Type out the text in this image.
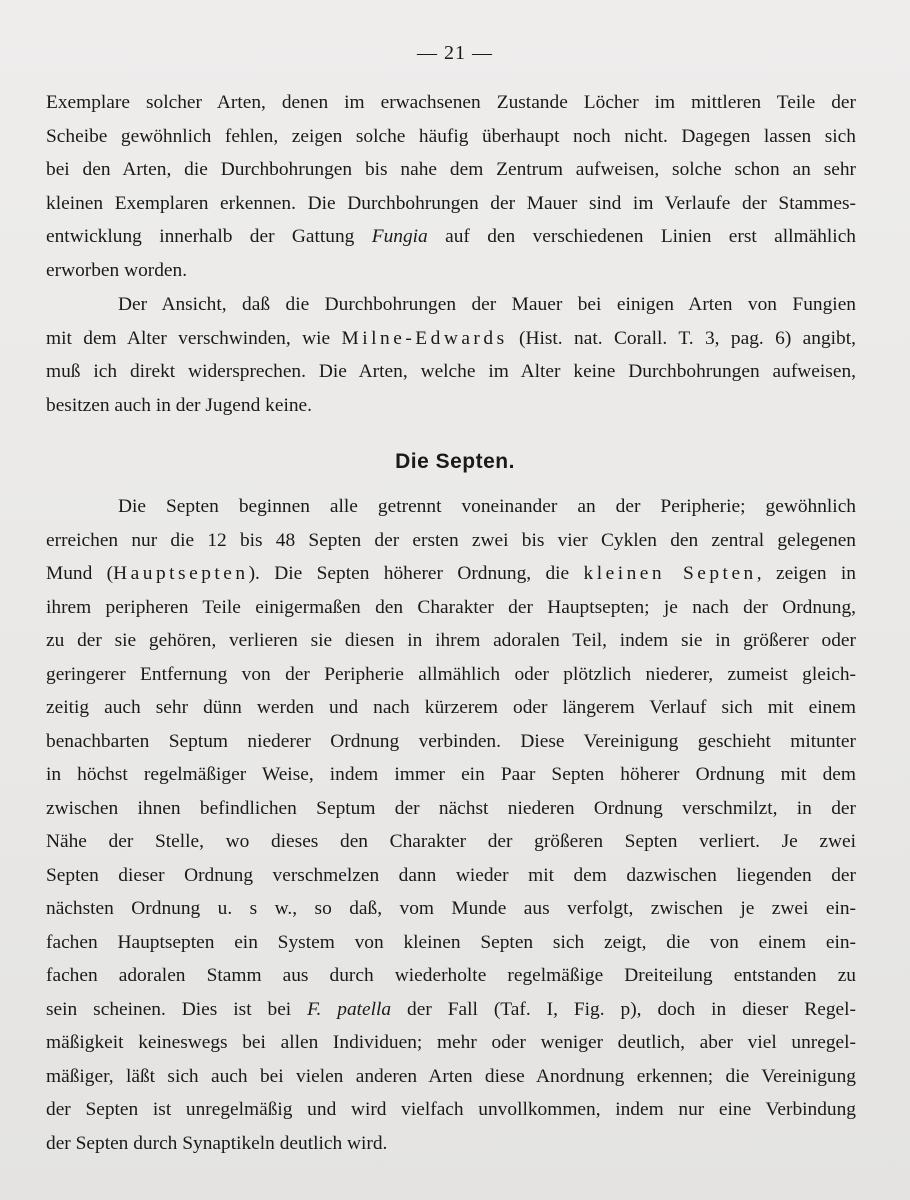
— 21 —
Exemplare solcher Arten, denen im erwachsenen Zustande Löcher im mittleren Teile der
Scheibe gewöhnlich fehlen, zeigen solche häufig überhaupt noch nicht. Dagegen lassen sich
bei den Arten, die Durchbohrungen bis nahe dem Zentrum aufweisen, solche schon an sehr
kleinen Exemplaren erkennen. Die Durchbohrungen der Mauer sind im Verlaufe der Stammes-
entwicklung innerhalb der Gattung Fungia auf den verschiedenen Linien erst allmählich
erworben worden.
Der Ansicht, daß die Durchbohrungen der Mauer bei einigen Arten von Fungien
mit dem Alter verschwinden, wie Milne-Edwards (Hist. nat. Corall. T. 3, pag. 6) angibt,
muß ich direkt widersprechen. Die Arten, welche im Alter keine Durchbohrungen aufweisen,
besitzen auch in der Jugend keine.
Die Septen.
Die Septen beginnen alle getrennt voneinander an der Peripherie; gewöhnlich
erreichen nur die 12 bis 48 Septen der ersten zwei bis vier Cyklen den zentral gelegenen
Mund (Hauptsepten). Die Septen höherer Ordnung, die kleinen Septen, zeigen in
ihrem peripheren Teile einigermaßen den Charakter der Hauptsepten; je nach der Ordnung,
zu der sie gehören, verlieren sie diesen in ihrem adoralen Teil, indem sie in größerer oder
geringerer Entfernung von der Peripherie allmählich oder plötzlich niederer, zumeist gleich-
zeitig auch sehr dünn werden und nach kürzerem oder längerem Verlauf sich mit einem
benachbarten Septum niederer Ordnung verbinden. Diese Vereinigung geschieht mitunter
in höchst regelmäßiger Weise, indem immer ein Paar Septen höherer Ordnung mit dem
zwischen ihnen befindlichen Septum der nächst niederen Ordnung verschmilzt, in der
Nähe der Stelle, wo dieses den Charakter der größeren Septen verliert. Je zwei
Septen dieser Ordnung verschmelzen dann wieder mit dem dazwischen liegenden der
nächsten Ordnung u. s w., so daß, vom Munde aus verfolgt, zwischen je zwei ein-
fachen Hauptsepten ein System von kleinen Septen sich zeigt, die von einem ein-
fachen adoralen Stamm aus durch wiederholte regelmäßige Dreiteilung entstanden zu
sein scheinen. Dies ist bei F. patella der Fall (Taf. I, Fig. p), doch in dieser Regel-
mäßigkeit keineswegs bei allen Individuen; mehr oder weniger deutlich, aber viel unregel-
mäßiger, läßt sich auch bei vielen anderen Arten diese Anordnung erkennen; die Vereinigung
der Septen ist unregelmäßig und wird vielfach unvollkommen, indem nur eine Verbindung
der Septen durch Synaptikeln deutlich wird.
